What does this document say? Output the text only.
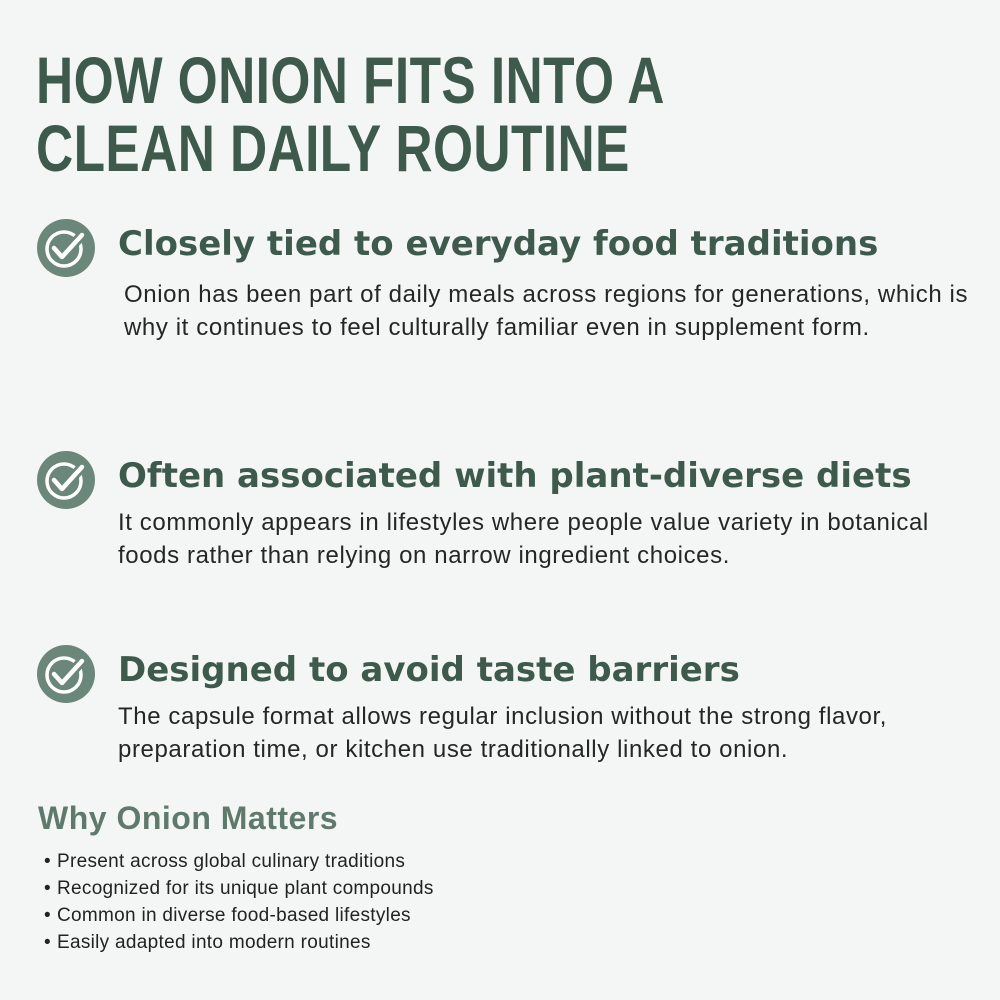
HOW ONION FITS INTO A CLEAN DAILY ROUTINE
Closely tied to everyday food traditions

Onion has been part of daily meals across regions for generations, which is why it continues to feel culturally familiar even in supplement form.

Often associated with plant-diverse diets

It commonly appears in lifestyles where people value variety in botanical foods rather than relying on narrow ingredient choices.

Designed to avoid taste barriers

The capsule format allows regular inclusion without the strong flavor, preparation time, or kitchen use traditionally linked to onion.

Why Onion Matters
• Present across global culinary traditions
• Recognized for its unique plant compounds
• Common in diverse food-based lifestyles
• Easily adapted into modern routines
